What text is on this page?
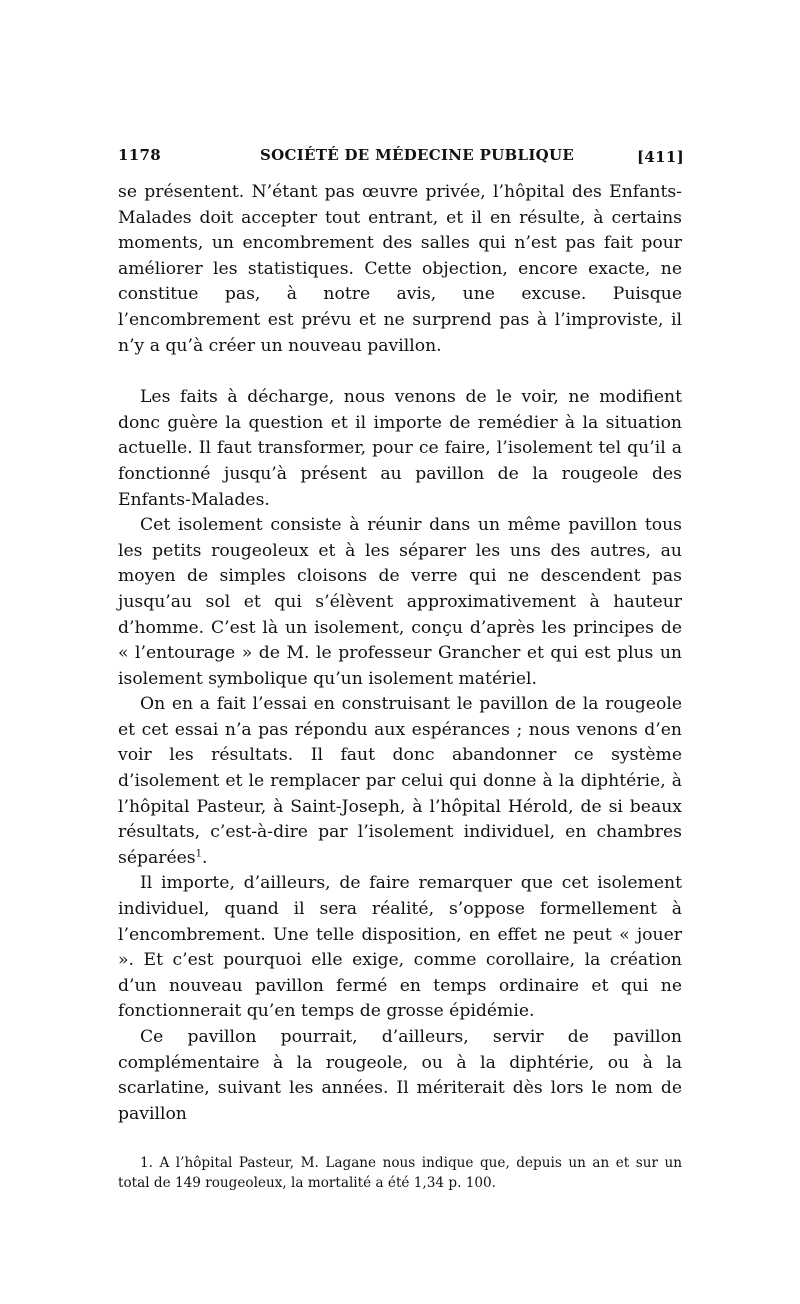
1178	SOCIÉTÉ DE MÉDECINE PUBLIQUE	[411]

se présentent. N’étant pas œuvre privée, l’hôpital des Enfants-Malades doit accepter tout entrant, et il en résulte, à certains moments, un encombrement des salles qui n’est pas fait pour améliorer les statistiques. Cette objection, encore exacte, ne constitue pas, à notre avis, une excuse. Puisque l’encombrement est prévu et ne surprend pas à l’improviste, il n’y a qu’à créer un nouveau pavillon.

Les faits à décharge, nous venons de le voir, ne modifient donc guère la question et il importe de remédier à la situation actuelle. Il faut transformer, pour ce faire, l’isolement tel qu’il a fonctionné jusqu’à présent au pavillon de la rougeole des Enfants-Malades.

Cet isolement consiste à réunir dans un même pavillon tous les petits rougeoleux et à les séparer les uns des autres, au moyen de simples cloisons de verre qui ne descendent pas jusqu’au sol et qui s’élèvent approximativement à hauteur d’homme. C’est là un isolement, conçu d’après les principes de « l’entourage » de M. le professeur Grancher et qui est plus un isolement symbolique qu’un isolement matériel.

On en a fait l’essai en construisant le pavillon de la rougeole et cet essai n’a pas répondu aux espérances ; nous venons d’en voir les résultats. Il faut donc abandonner ce système d’isolement et le remplacer par celui qui donne à la diphtérie, à l’hôpital Pasteur, à Saint-Joseph, à l’hôpital Hérold, de si beaux résultats, c’est-à-dire par l’isolement individuel, en chambres séparées$^1$.

Il importe, d’ailleurs, de faire remarquer que cet isolement individuel, quand il sera réalité, s’oppose formellement à l’encombrement. Une telle disposition, en effet ne peut « jouer ». Et c’est pourquoi elle exige, comme corollaire, la création d’un nouveau pavillon fermé en temps ordinaire et qui ne fonctionnerait qu’en temps de grosse épidémie.

Ce pavillon pourrait, d’ailleurs, servir de pavillon complémentaire à la rougeole, ou à la diphtérie, ou à la scarlatine, suivant les années. Il mériterait dès lors le nom de pavillon

1. A l’hôpital Pasteur, M. Lagane nous indique que, depuis un an et sur un total de 149 rougeoleux, la mortalité a été 1,34 p. 100.
